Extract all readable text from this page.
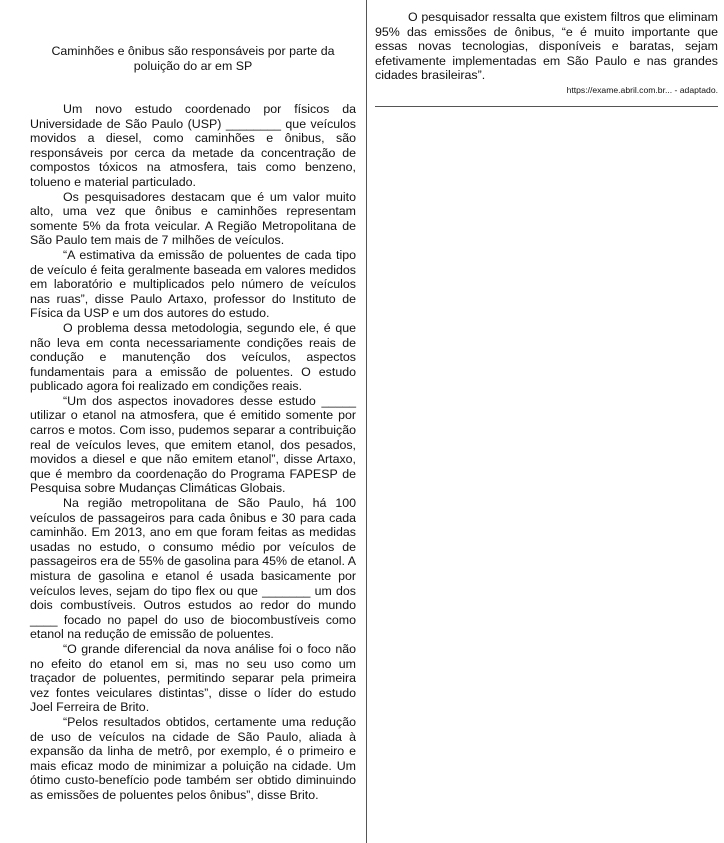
Caminhões e ônibus são responsáveis por parte da poluição do ar em SP

Um novo estudo coordenado por físicos da Universidade de São Paulo (USP) ________ que veículos movidos a diesel, como caminhões e ônibus, são responsáveis por cerca da metade da concentração de compostos tóxicos na atmosfera, tais como benzeno, tolueno e material particulado.

Os pesquisadores destacam que é um valor muito alto, uma vez que ônibus e caminhões representam somente 5% da frota veicular. A Região Metropolitana de São Paulo tem mais de 7 milhões de veículos.

“A estimativa da emissão de poluentes de cada tipo de veículo é feita geralmente baseada em valores medidos em laboratório e multiplicados pelo número de veículos nas ruas”, disse Paulo Artaxo, professor do Instituto de Física da USP e um dos autores do estudo.

O problema dessa metodologia, segundo ele, é que não leva em conta necessariamente condições reais de condução e manutenção dos veículos, aspectos fundamentais para a emissão de poluentes. O estudo publicado agora foi realizado em condições reais.

“Um dos aspectos inovadores desse estudo _____ utilizar o etanol na atmosfera, que é emitido somente por carros e motos. Com isso, pudemos separar a contribuição real de veículos leves, que emitem etanol, dos pesados, movidos a diesel e que não emitem etanol”, disse Artaxo, que é membro da coordenação do Programa FAPESP de Pesquisa sobre Mudanças Climáticas Globais.

Na região metropolitana de São Paulo, há 100 veículos de passageiros para cada ônibus e 30 para cada caminhão. Em 2013, ano em que foram feitas as medidas usadas no estudo, o consumo médio por veículos de passageiros era de 55% de gasolina para 45% de etanol. A mistura de gasolina e etanol é usada basicamente por veículos leves, sejam do tipo flex ou que _______ um dos dois combustíveis. Outros estudos ao redor do mundo ____ focado no papel do uso de biocombustíveis como etanol na redução de emissão de poluentes.

“O grande diferencial da nova análise foi o foco não no efeito do etanol em si, mas no seu uso como um traçador de poluentes, permitindo separar pela primeira vez fontes veiculares distintas”, disse o líder do estudo Joel Ferreira de Brito.

“Pelos resultados obtidos, certamente uma redução de uso de veículos na cidade de São Paulo, aliada à expansão da linha de metrô, por exemplo, é o primeiro e mais eficaz modo de minimizar a poluição na cidade. Um ótimo custo-benefício pode também ser obtido diminuindo as emissões de poluentes pelos ônibus”, disse Brito.

O pesquisador ressalta que existem filtros que eliminam 95% das emissões de ônibus, “e é muito importante que essas novas tecnologias, disponíveis e baratas, sejam efetivamente implementadas em São Paulo e nas grandes cidades brasileiras”.

https://exame.abril.com.br... - adaptado.
